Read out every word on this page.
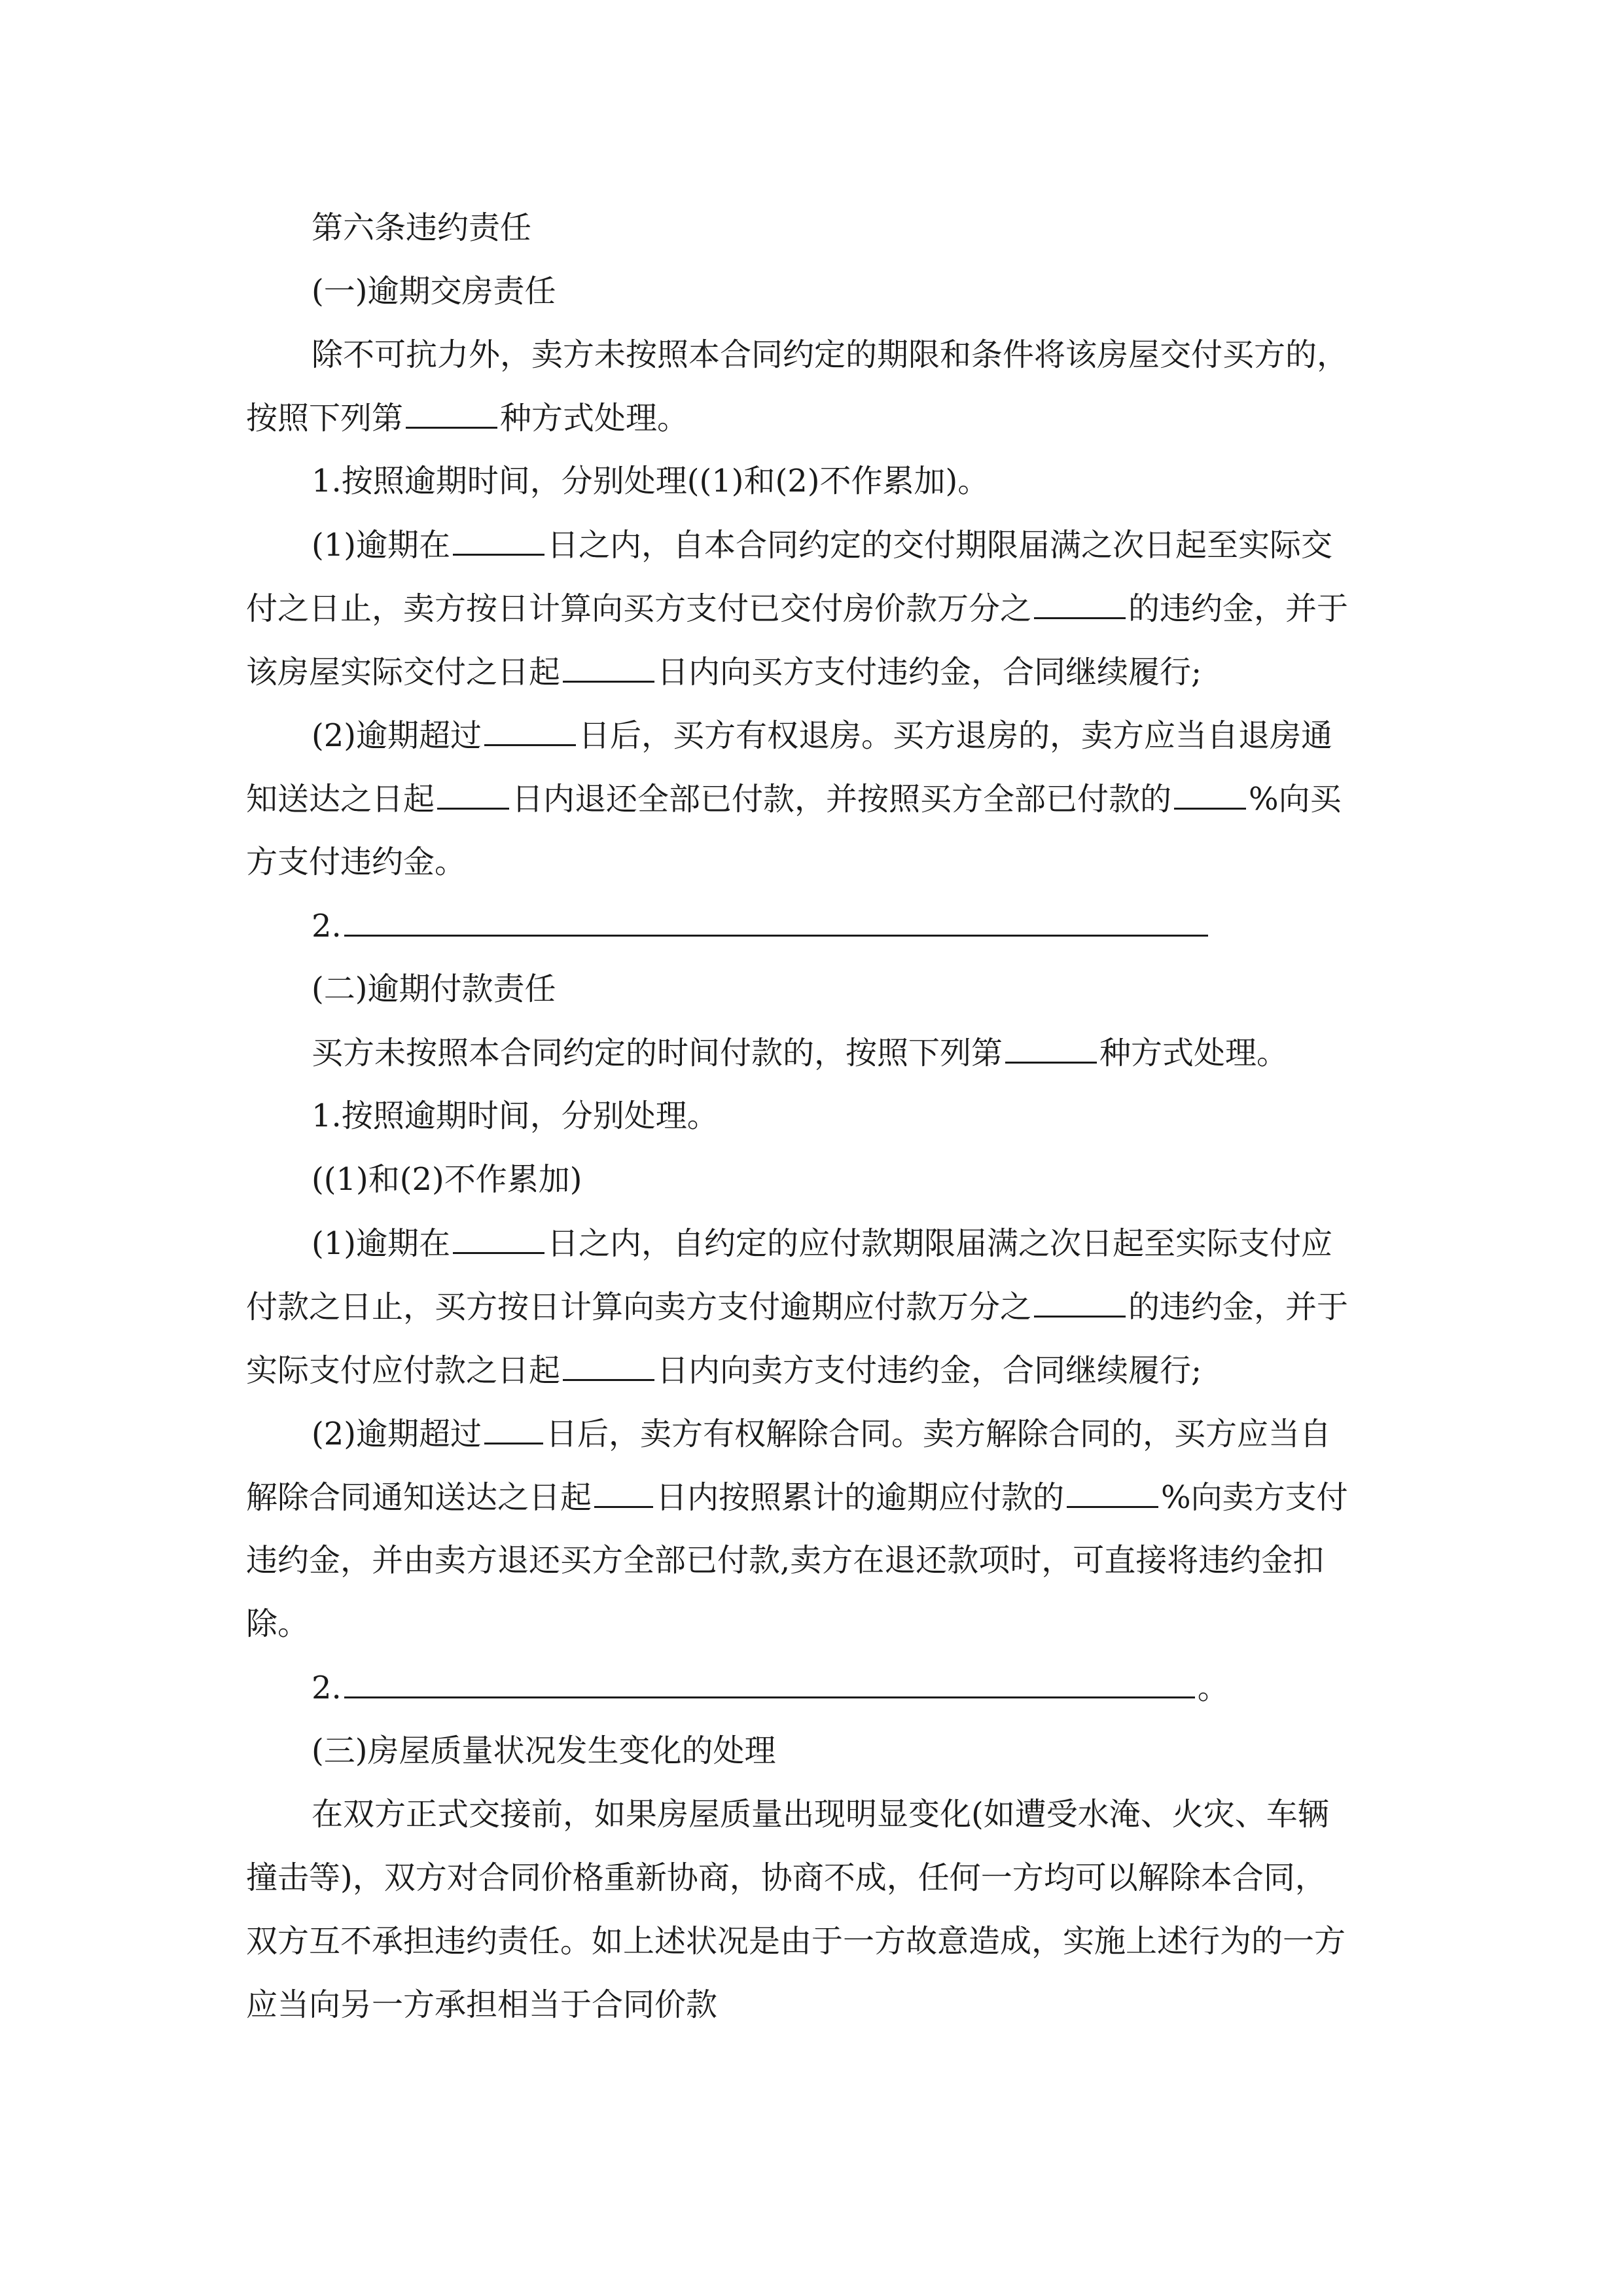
第六条违约责任

(一)逾期交房责任

除不可抗力外，卖方未按照本合同约定的期限和条件将该房屋交付买方的，

按照下列第	种方式处理。

1.按照逾期时间，分别处理((1)和(2)不作累加)。

(1)逾期在	日之内，自本合同约定的交付期限届满之次日起至实际交

付之日止，卖方按日计算向买方支付已交付房价款万分之	的违约金，并于

该房屋实际交付之日起	日内向买方支付违约金，合同继续履行;

(2)逾期超过	日后，买方有权退房。买方退房的，卖方应当自退房通

知送达之日起 日内退还全部已付款，并按照买方全部已付款的 %向买

方支付违约金。

2.

(二)逾期付款责任

买方未按照本合同约定的时间付款的，按照下列第	种方式处理。

1.按照逾期时间，分别处理。

((1)和(2)不作累加)

(1)逾期在	日之内，自约定的应付款期限届满之次日起至实际支付应

付款之日止，买方按日计算向卖方支付逾期应付款万分之	的违约金，并于

实际支付应付款之日起	日内向卖方支付违约金，合同继续履行;

(2)逾期超过 日后，卖方有权解除合同。卖方解除合同的，买方应当自

解除合同通知送达之日起 日内按照累计的逾期应付款的	%向卖方支付

违约金，并由卖方退还买方全部已付款,卖方在退还款项时，可直接将违约金扣

除。

2.	。

(三)房屋质量状况发生变化的处理

在双方正式交接前，如果房屋质量出现明显变化(如遭受水淹、火灾、车辆

撞击等)，双方对合同价格重新协商，协商不成，任何一方均可以解除本合同，

双方互不承担违约责任。如上述状况是由于一方故意造成，实施上述行为的一方

应当向另一方承担相当于合同价款
